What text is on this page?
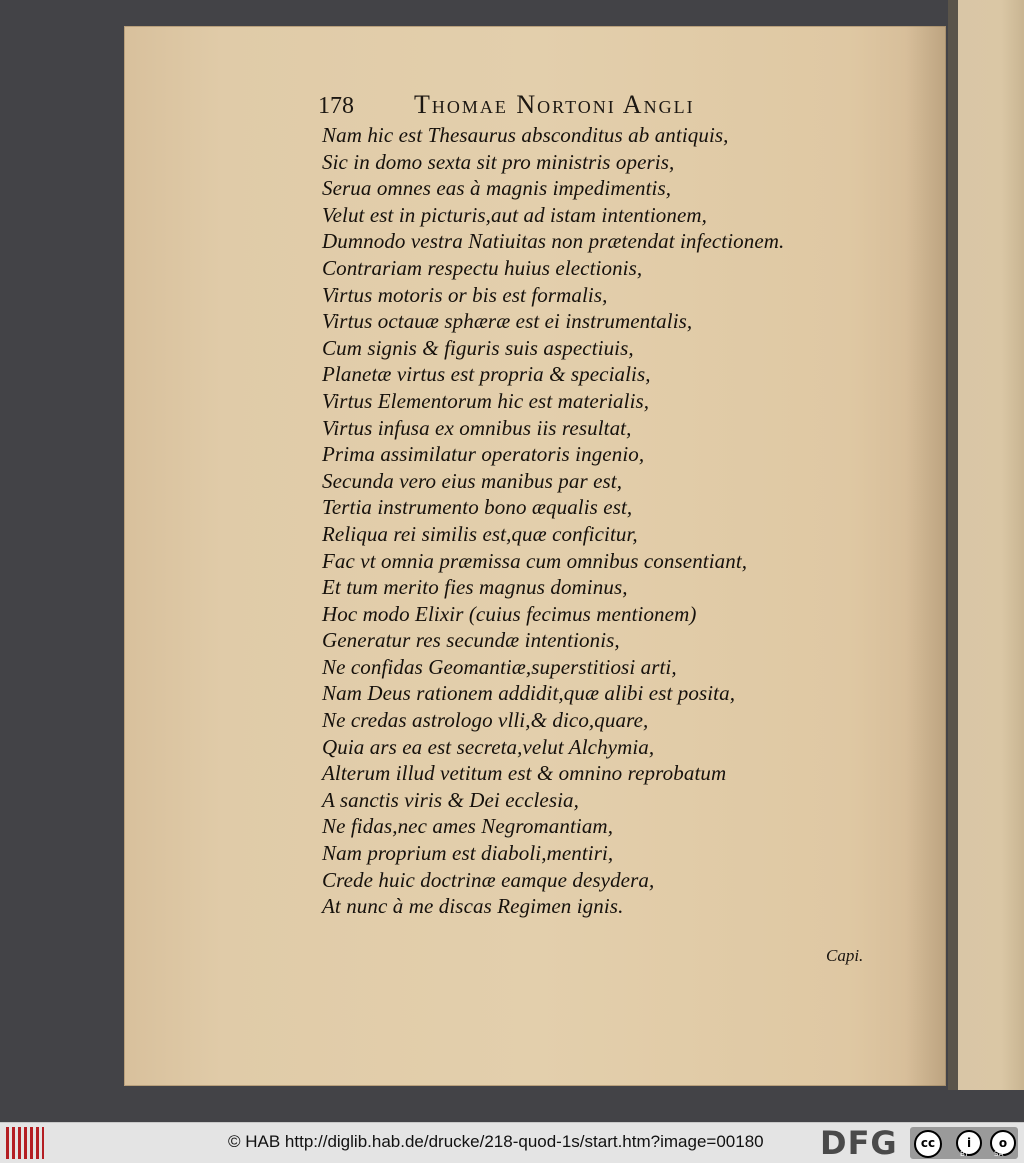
178 Thomae Nortoni Angli
Nam hic est Thesaurus absconditus ab antiquis,
Sic in domo sexta sit pro ministris operis,
Serua omnes eas à magnis impedimentis,
Velut est in picturis,aut ad istam intentionem,
Dumnodo vestra Natiuitas non prætendat infectionem.
Contrariam respectu huius electionis,
Virtus motoris or bis est formalis,
Virtus octauæ sphæræ est ei instrumentalis,
Cum signis & figuris suis aspectiuis,
Planetæ virtus est propria & specialis,
Virtus Elementorum hic est materialis,
Virtus infusa ex omnibus iis resultat,
Prima assimilatur operatoris ingenio,
Secunda vero eius manibus par est,
Tertia instrumento bono æqualis est,
Reliqua rei similis est,quæ conficitur,
Fac vt omnia præmissa cum omnibus consentiant,
Et tum merito fies magnus dominus,
Hoc modo Elixir (cuius fecimus mentionem)
Generatur res secundæ intentionis,
Ne confidas Geomantiæ,superstitiosi arti,
Nam Deus rationem addidit,quæ alibi est posita,
Ne credas astrologo vlli,& dico,quare,
Quia ars ea est secreta,velut Alchymia,
Alterum illud vetitum est & omnino reprobatum
A sanctis viris & Dei ecclesia,
Ne fidas,nec ames Negromantiam,
Nam proprium est diaboli,mentiri,
Crede huic doctrinæ eamque desydera,
At nunc à me discas Regimen ignis.
Capi.
© HAB http://diglib.hab.de/drucke/218-quod-1s/start.htm?image=00180 DFG	cc	i	o
BY	SA
